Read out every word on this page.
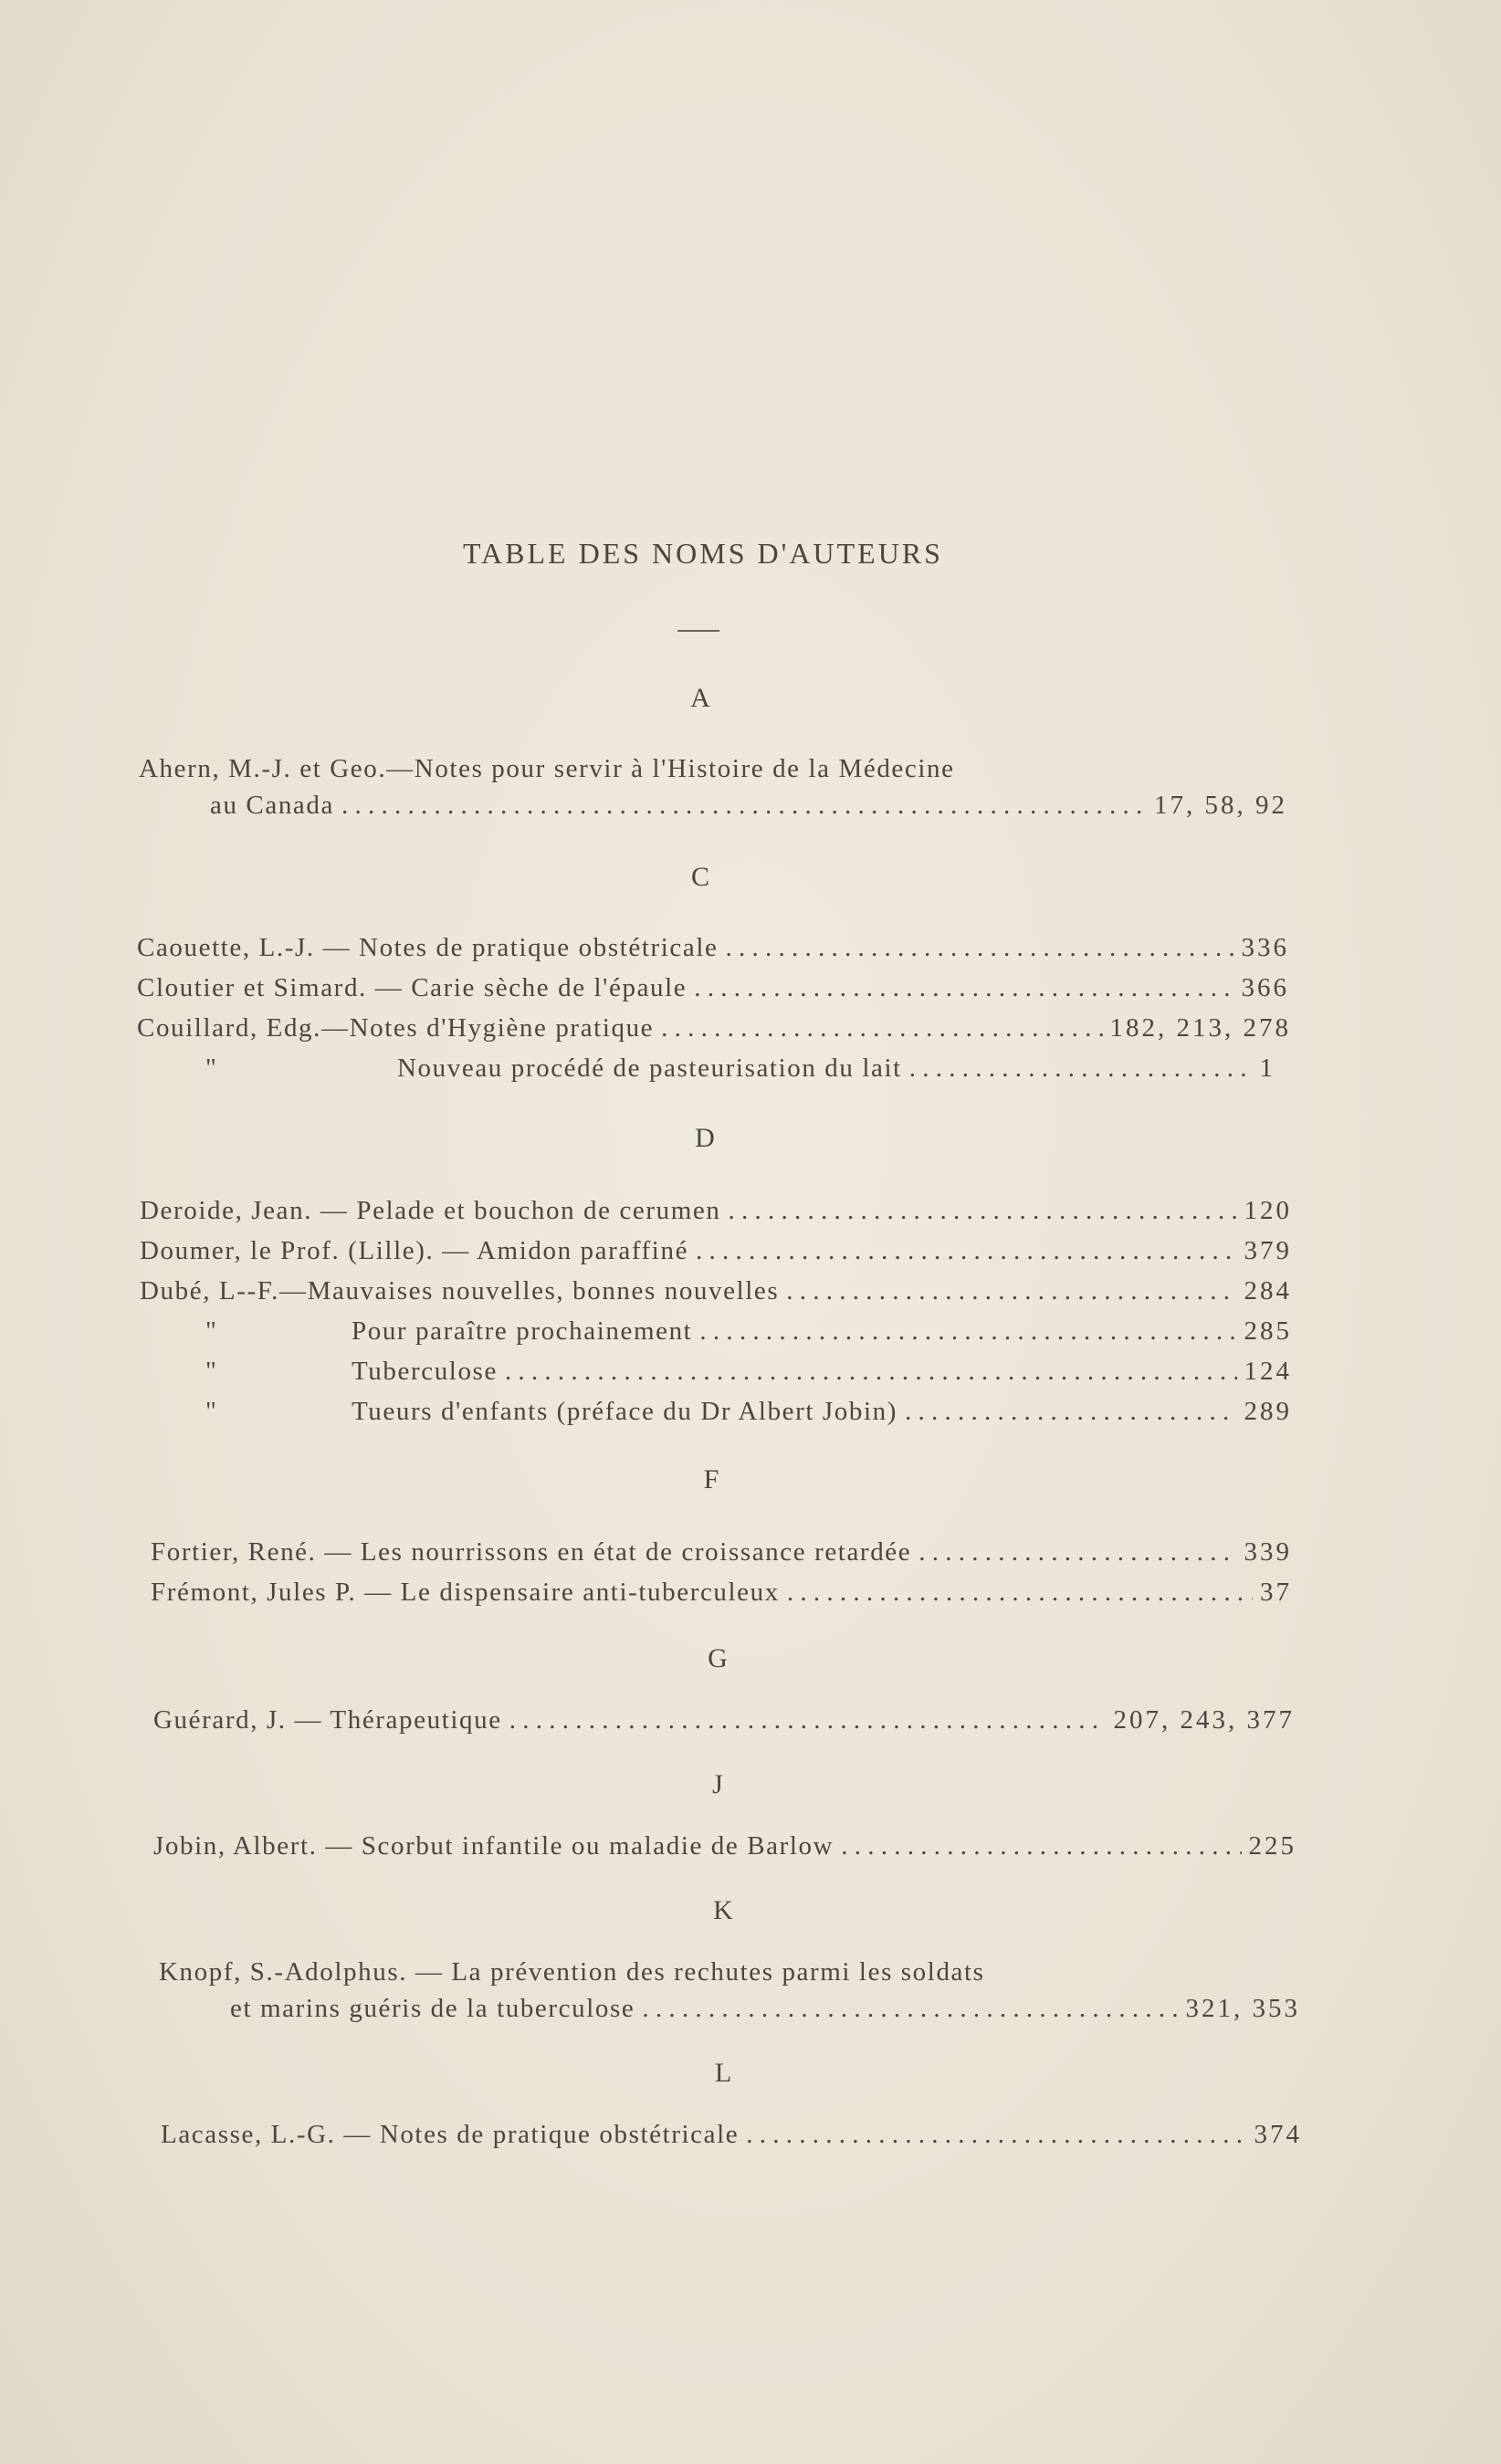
TABLE DES NOMS D'AUTEURS
A
Ahern, M.-J. et Geo.—Notes pour servir à l'Histoire de la Médecine
au Canada . . .	17, 58, 92
C
Caouette, L.-J. — Notes de pratique obstétricale . . .	336
Cloutier et Simard. — Carie sèche de l'épaule . . .	366
Couillard, Edg.—Notes d'Hygiène pratique . . .	182, 213, 278
"	Nouveau procédé de pasteurisation du lait . . .	1
D
Deroide, Jean. — Pelade et bouchon de cerumen . . .	120
Doumer, le Prof. (Lille). — Amidon paraffiné . . .	379
Dubé, L--F.—Mauvaises nouvelles, bonnes nouvelles . . .	284
"	Pour paraître prochainement . . .	285
"	Tuberculose . . .	124
"	Tueurs d'enfants (préface du Dr Albert Jobin) . . .	289
F
Fortier, René. — Les nourrissons en état de croissance retardée . . .	339
Frémont, Jules P. — Le dispensaire anti-tuberculeux . . .	37
G
Guérard, J. — Thérapeutique . . .	207, 243, 377
J
Jobin, Albert. — Scorbut infantile ou maladie de Barlow . . .	225
K
Knopf, S.-Adolphus. — La prévention des rechutes parmi les soldats
et marins guéris de la tuberculose . . .	321, 353
L
Lacasse, L.-G. — Notes de pratique obstétricale . . .	374
